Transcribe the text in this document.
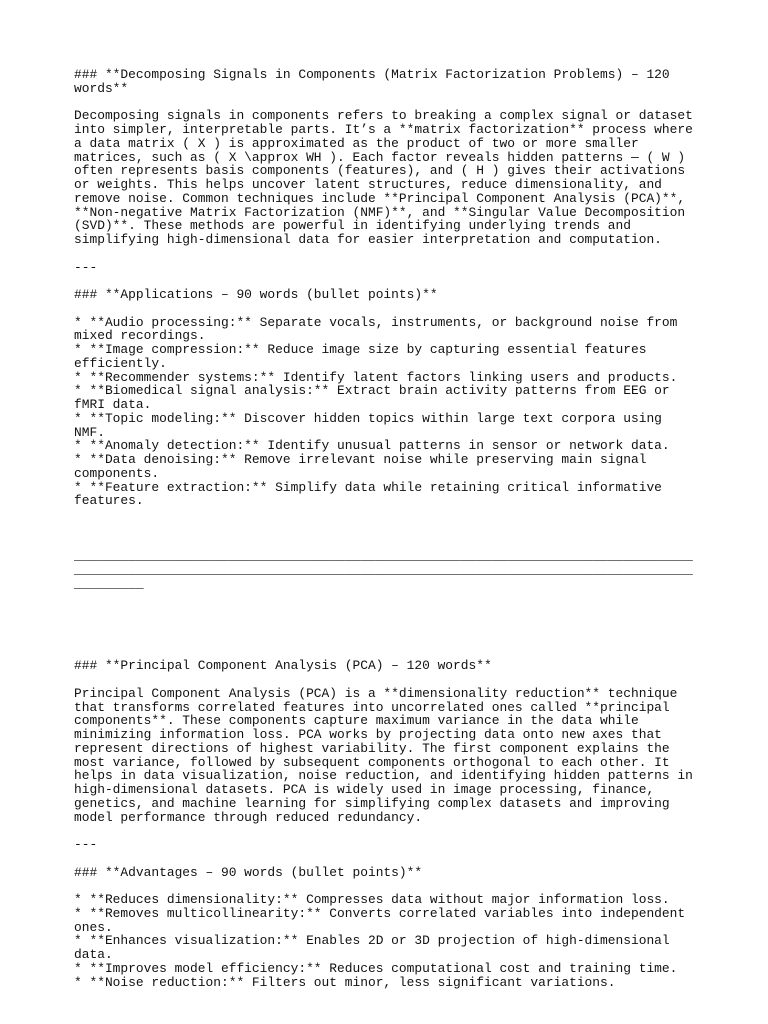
### **Decomposing Signals in Components (Matrix Factorization Problems) – 120
words**
Decomposing signals in components refers to breaking a complex signal or dataset
into simpler, interpretable parts. It’s a **matrix factorization** process where
a data matrix ( X ) is approximated as the product of two or more smaller
matrices, such as ( X \approx WH ). Each factor reveals hidden patterns — ( W )
often represents basis components (features), and ( H ) gives their activations
or weights. This helps uncover latent structures, reduce dimensionality, and
remove noise. Common techniques include **Principal Component Analysis (PCA)**,
**Non-negative Matrix Factorization (NMF)**, and **Singular Value Decomposition
(SVD)**. These methods are powerful in identifying underlying trends and
simplifying high-dimensional data for easier interpretation and computation.
---
### **Applications – 90 words (bullet points)**
* **Audio processing:** Separate vocals, instruments, or background noise from
mixed recordings.
* **Image compression:** Reduce image size by capturing essential features
efficiently.
* **Recommender systems:** Identify latent factors linking users and products.
* **Biomedical signal analysis:** Extract brain activity patterns from EEG or
fMRI data.
* **Topic modeling:** Discover hidden topics within large text corpora using
NMF.
* **Anomaly detection:** Identify unusual patterns in sensor or network data.
* **Data denoising:** Remove irrelevant noise while preserving main signal
components.
* **Feature extraction:** Simplify data while retaining critical informative
features.
________________________________________________________________________________
________________________________________________________________________________
_________
### **Principal Component Analysis (PCA) – 120 words**
Principal Component Analysis (PCA) is a **dimensionality reduction** technique
that transforms correlated features into uncorrelated ones called **principal
components**. These components capture maximum variance in the data while
minimizing information loss. PCA works by projecting data onto new axes that
represent directions of highest variability. The first component explains the
most variance, followed by subsequent components orthogonal to each other. It
helps in data visualization, noise reduction, and identifying hidden patterns in
high-dimensional datasets. PCA is widely used in image processing, finance,
genetics, and machine learning for simplifying complex datasets and improving
model performance through reduced redundancy.
---
### **Advantages – 90 words (bullet points)**
* **Reduces dimensionality:** Compresses data without major information loss.
* **Removes multicollinearity:** Converts correlated variables into independent
ones.
* **Enhances visualization:** Enables 2D or 3D projection of high-dimensional
data.
* **Improves model efficiency:** Reduces computational cost and training time.
* **Noise reduction:** Filters out minor, less significant variations.
